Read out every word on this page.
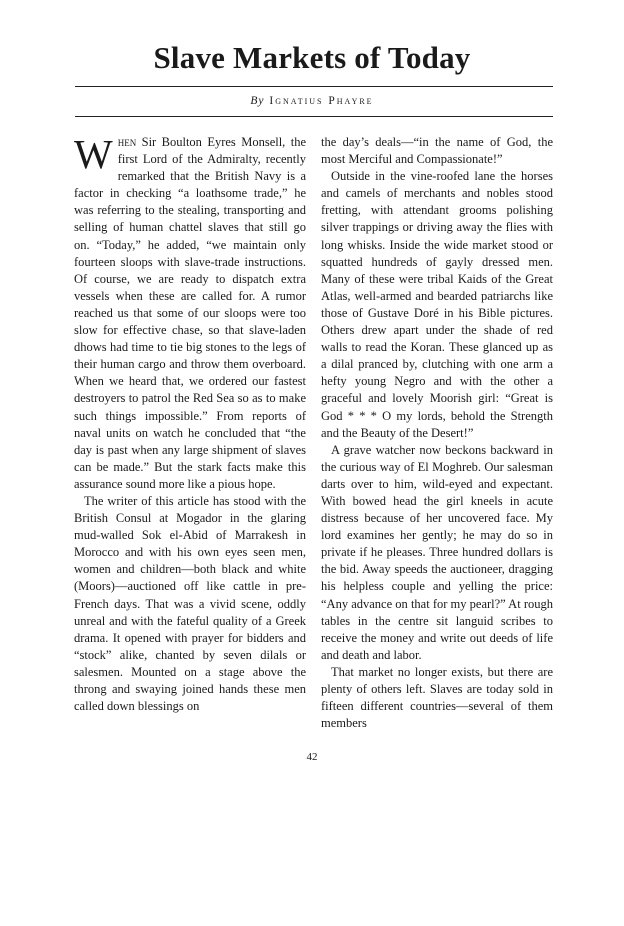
Slave Markets of Today
By Ignatius Phayre

When Sir Boulton Eyres Monsell, the first Lord of the Admiralty, recently remarked that the British Navy is a factor in checking “a loathsome trade,” he was referring to the stealing, transporting and selling of human chattel slaves that still go on. “Today,” he added, “we maintain only fourteen sloops with slave-trade instructions. Of course, we are ready to dispatch extra vessels when these are called for. A rumor reached us that some of our sloops were too slow for effective chase, so that slave-laden dhows had time to tie big stones to the legs of their human cargo and throw them overboard. When we heard that, we ordered our fastest destroyers to patrol the Red Sea so as to make such things impossible.” From reports of naval units on watch he concluded that “the day is past when any large shipment of slaves can be made.” But the stark facts make this assurance sound more like a pious hope.

The writer of this article has stood with the British Consul at Mogador in the glaring mud-walled Sok el-Abid of Marrakesh in Morocco and with his own eyes seen men, women and children—both black and white (Moors)—auctioned off like cattle in pre-French days. That was a vivid scene, oddly unreal and with the fateful quality of a Greek drama. It opened with prayer for bidders and “stock” alike, chanted by seven dilals or salesmen. Mounted on a stage above the throng and swaying joined hands these men called down blessings on

the day’s deals—“in the name of God, the most Merciful and Compassionate!”

Outside in the vine-roofed lane the horses and camels of merchants and nobles stood fretting, with attendant grooms polishing silver trappings or driving away the flies with long whisks. Inside the wide market stood or squatted hundreds of gayly dressed men. Many of these were tribal Kaids of the Great Atlas, well-armed and bearded patriarchs like those of Gustave Doré in his Bible pictures. Others drew apart under the shade of red walls to read the Koran. These glanced up as a dilal pranced by, clutching with one arm a hefty young Negro and with the other a graceful and lovely Moorish girl: “Great is God * * * O my lords, behold the Strength and the Beauty of the Desert!”

A grave watcher now beckons backward in the curious way of El Moghreb. Our salesman darts over to him, wild-eyed and expectant. With bowed head the girl kneels in acute distress because of her uncovered face. My lord examines her gently; he may do so in private if he pleases. Three hundred dollars is the bid. Away speeds the auctioneer, dragging his helpless couple and yelling the price: “Any advance on that for my pearl?” At rough tables in the centre sit languid scribes to receive the money and write out deeds of life and death and labor.

That market no longer exists, but there are plenty of others left. Slaves are today sold in fifteen different countries—several of them members

42
